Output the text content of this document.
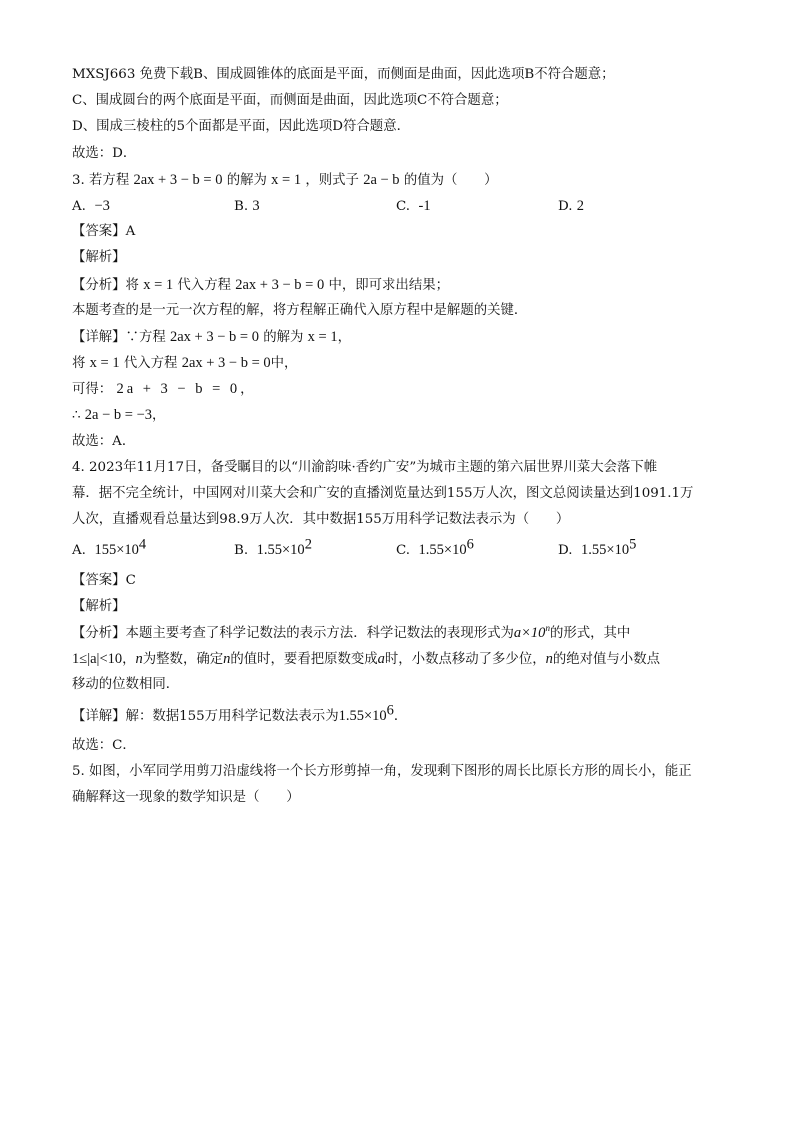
MXSJ663 免费下载B、围成圆锥体的底面是平面，而侧面是曲面，因此选项B不符合题意；
C、围成圆台的两个底面是平面，而侧面是曲面，因此选项C不符合题意；
D、围成三棱柱的5个面都是平面，因此选项D符合题意．
故选：D．
3. 若方程 2ax + 3 − b = 0 的解为 x = 1 ，则式子 2a − b 的值为（　　）
A. −3	B. 3	C. -1	D. 2
【答案】A
【解析】
【分析】将 x = 1 代入方程 2ax + 3 − b = 0 中，即可求出结果；
本题考查的是一元一次方程的解，将方程解正确代入原方程中是解题的关键．
【详解】∵方程 2ax + 3 − b = 0 的解为 x = 1，
将 x = 1 代入方程 2ax + 3 − b = 0中，
可得： 2a + 3 − b = 0，
∴ 2a − b = −3，
故选：A．
4. 2023年11月17日，备受瞩目的以“川渝韵味·香约广安”为城市主题的第六届世界川菜大会落下帷
幕．据不完全统计，中国网对川菜大会和广安的直播浏览量达到155万人次，图文总阅读量达到1091.1万
人次，直播观看总量达到98.9万人次．其中数据155万用科学记数法表示为（　　）
A. $155\times 10^4$	B. $1.55\times 10^2$	C. $1.55\times 10^6$	D. $1.55\times 10^5$
【答案】C
【解析】
【分析】本题主要考查了科学记数法的表示方法．科学记数法的表现形式为$a\times 10^n$的形式，其中
1≤|a|<10，n为整数，确定n的值时，要看把原数变成a时，小数点移动了多少位，n的绝对值与小数点
移动的位数相同．
【详解】解：数据155万用科学记数法表示为$1.55\times 10^6$．
故选：C．
5. 如图，小军同学用剪刀沿虚线将一个长方形剪掉一角，发现剩下图形的周长比原长方形的周长小，能正
确解释这一现象的数学知识是（　　）
